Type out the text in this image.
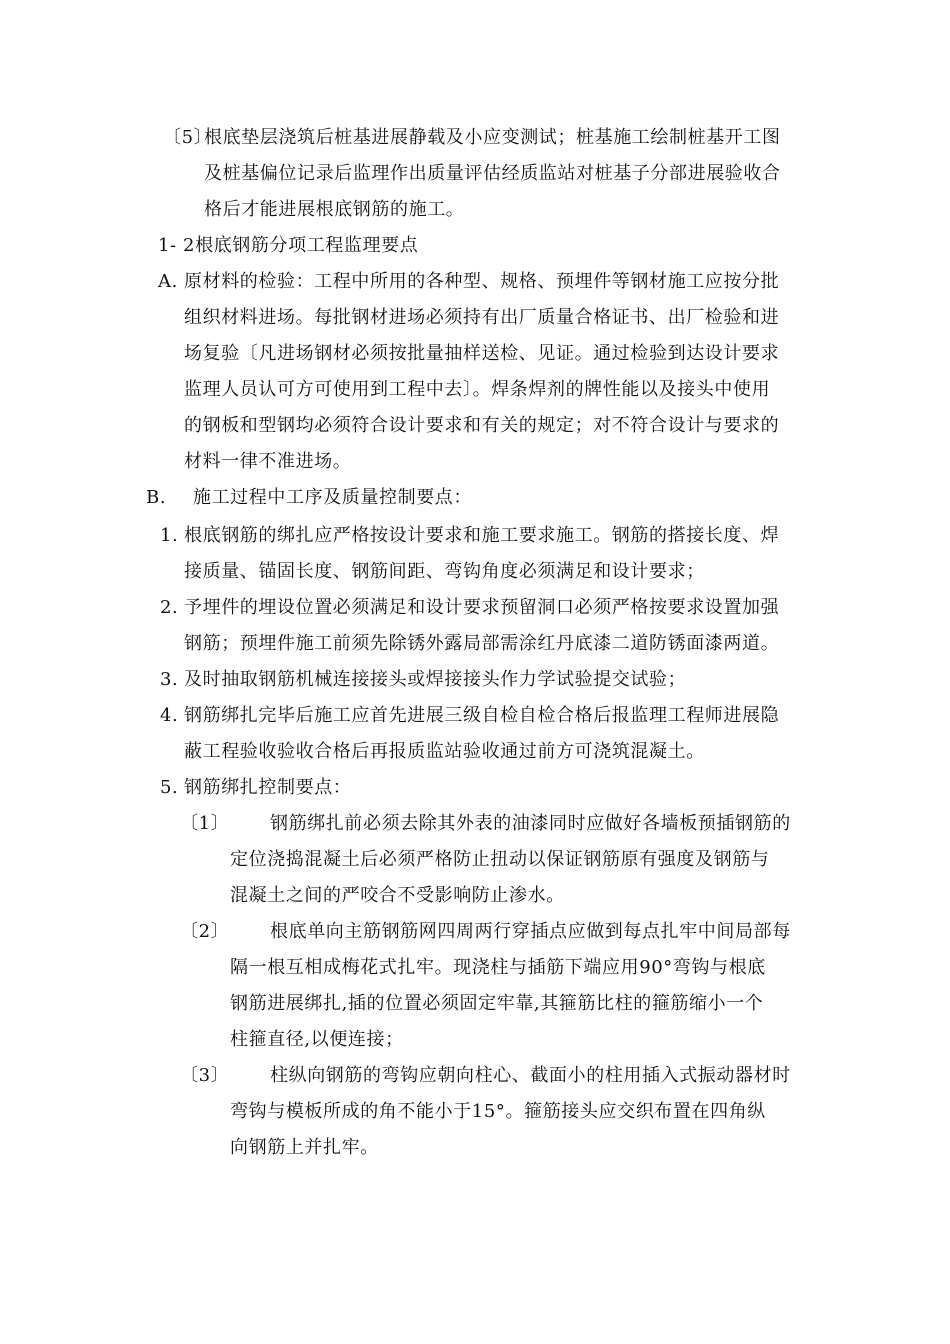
〔5〕
根底垫层浇筑后桩基进展静载及小应变测试；桩基施工绘制桩基开工图
及桩基偏位记录后监理作出质量评估经质监站对桩基子分部进展验收合
格后才能进展根底钢筋的施工。
1- 2根底钢筋分项工程监理要点
A. 原材料的检验：工程中所用的各种型、规格、预埋件等钢材施工应按分批
组织材料进场。每批钢材进场必须持有出厂质量合格证书、出厂检验和进
场复验〔凡进场钢材必须按批量抽样送检、见证。通过检验到达设计要求
监理人员认可方可使用到工程中去〕。焊条焊剂的牌性能以及接头中使用
的钢板和型钢均必须符合设计要求和有关的规定；对不符合设计与要求的
材料一律不准进场。
B. 施工过程中工序及质量控制要点：
1. 根底钢筋的绑扎应严格按设计要求和施工要求施工。钢筋的搭接长度、焊
接质量、锚固长度、钢筋间距、弯钩角度必须满足和设计要求；
2. 予埋件的埋设位置必须满足和设计要求预留洞口必须严格按要求设置加强
钢筋；预埋件施工前须先除锈外露局部需涂红丹底漆二道防锈面漆两道。
3. 及时抽取钢筋机械连接接头或焊接接头作力学试验提交试验；
4. 钢筋绑扎完毕后施工应首先进展三级自检自检合格后报监理工程师进展隐
蔽工程验收验收合格后再报质监站验收通过前方可浇筑混凝土。
5. 钢筋绑扎控制要点：
〔1〕 钢筋绑扎前必须去除其外表的油漆同时应做好各墙板预插钢筋的
定位浇捣混凝土后必须严格防止扭动以保证钢筋原有强度及钢筋与
混凝土之间的严咬合不受影响防止渗水。
〔2〕 根底单向主筋钢筋网四周两行穿插点应做到每点扎牢中间局部每
隔一根互相成梅花式扎牢。现浇柱与插筋下端应用90°弯钩与根底
钢筋进展绑扎,插的位置必须固定牢靠,其箍筋比柱的箍筋缩小一个
柱箍直径,以便连接；
〔3〕 柱纵向钢筋的弯钩应朝向柱心、截面小的柱用插入式振动器材时
弯钩与模板所成的角不能小于15°。箍筋接头应交织布置在四角纵
向钢筋上并扎牢。
